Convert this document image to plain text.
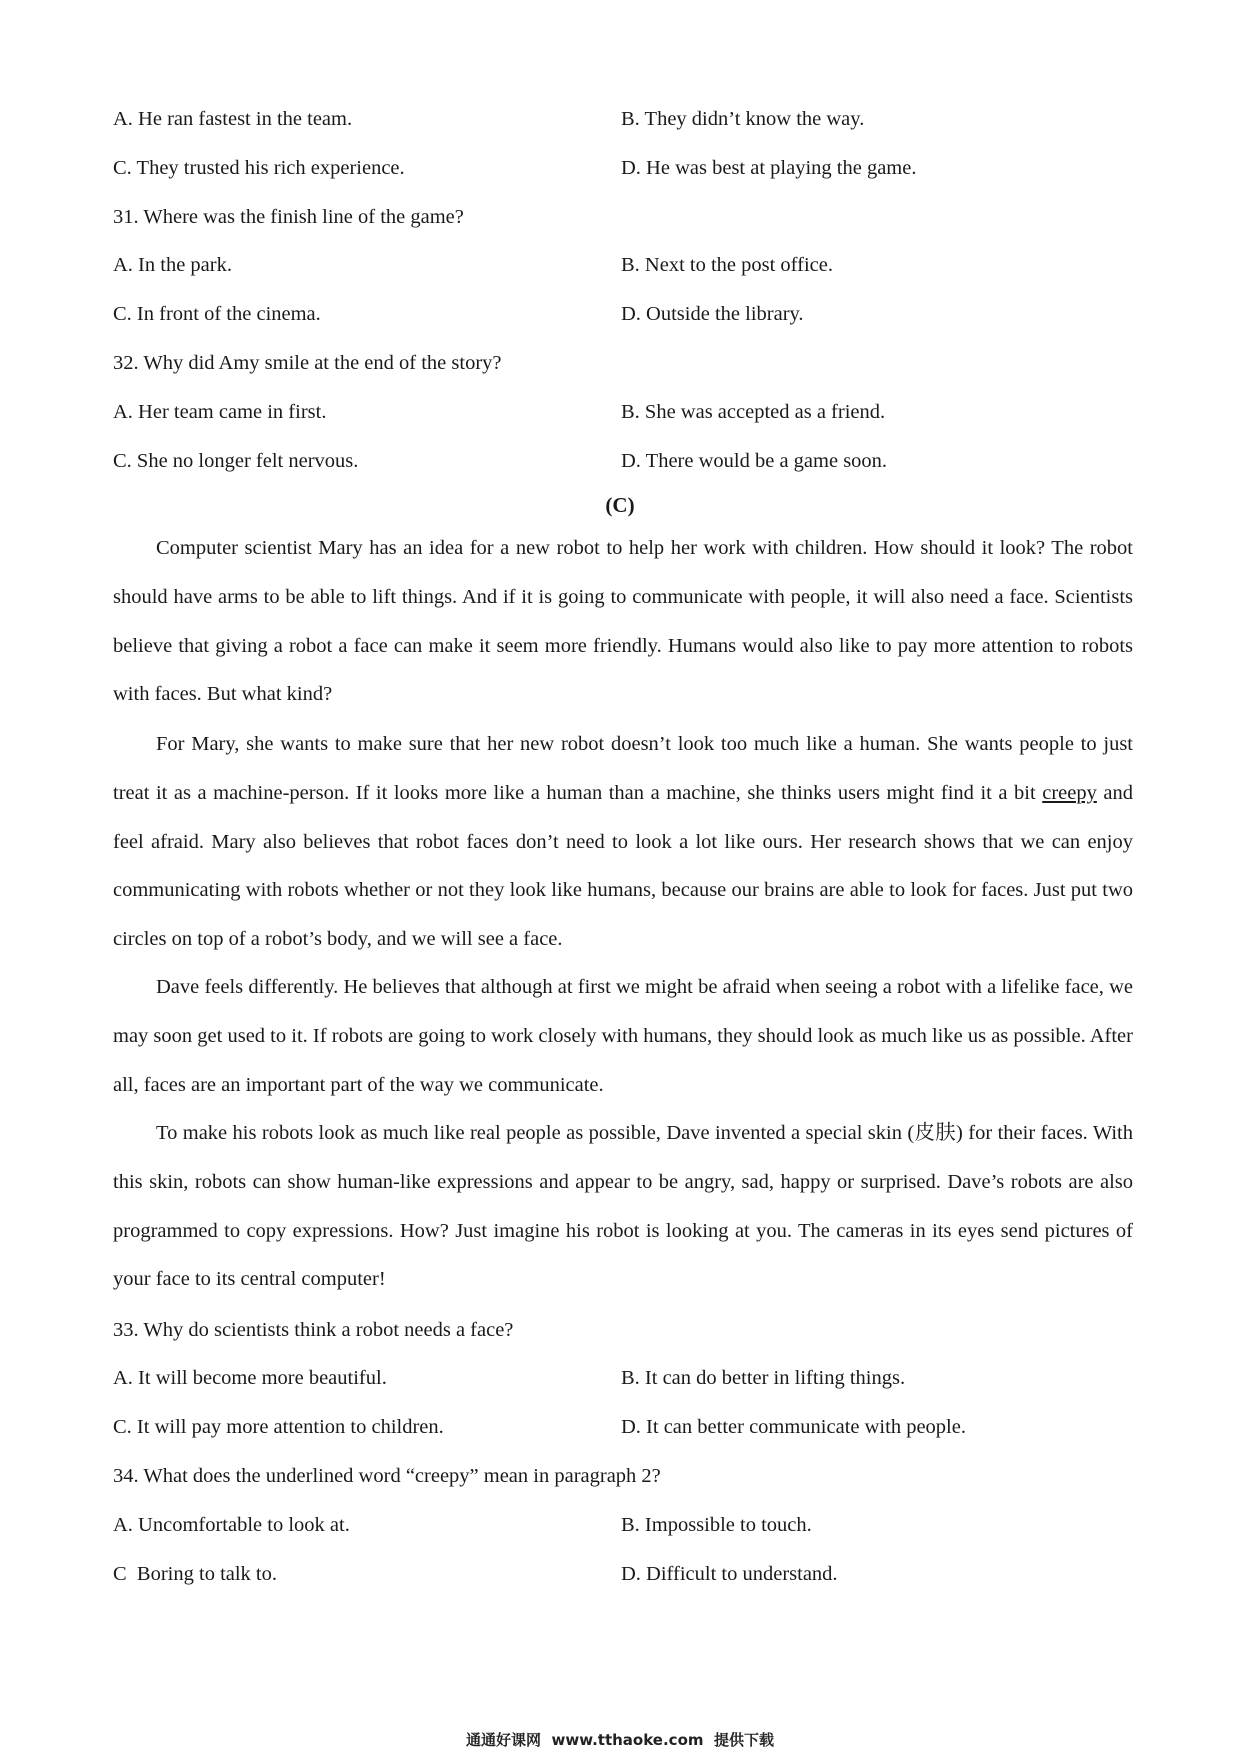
A. He ran fastest in the team.	B. They didn’t know the way.
C. They trusted his rich experience.	D. He was best at playing the game.
31. Where was the finish line of the game?
A. In the park.	B. Next to the post office.
C. In front of the cinema.	D. Outside the library.
32. Why did Amy smile at the end of the story?
A. Her team came in first.	B. She was accepted as a friend.
C. She no longer felt nervous.	D. There would be a game soon.
(C)

Computer scientist Mary has an idea for a new robot to help her work with children. How should it look? The robot should have arms to be able to lift things. And if it is going to communicate with people, it will also need a face. Scientists believe that giving a robot a face can make it seem more friendly. Humans would also like to pay more attention to robots with faces. But what kind?

For Mary, she wants to make sure that her new robot doesn’t look too much like a human. She wants people to just treat it as a machine-person. If it looks more like a human than a machine, she thinks users might find it a bit creepy and feel afraid. Mary also believes that robot faces don’t need to look a lot like ours. Her research shows that we can enjoy communicating with robots whether or not they look like humans, because our brains are able to look for faces. Just put two circles on top of a robot’s body, and we will see a face.

Dave feels differently. He believes that although at first we might be afraid when seeing a robot with a lifelike face, we may soon get used to it. If robots are going to work closely with humans, they should look as much like us as possible. After all, faces are an important part of the way we communicate.

To make his robots look as much like real people as possible, Dave invented a special skin (皮肤) for their faces. With this skin, robots can show human-like expressions and appear to be angry, sad, happy or surprised. Dave’s robots are also programmed to copy expressions. How? Just imagine his robot is looking at you. The cameras in its eyes send pictures of your face to its central computer!

33. Why do scientists think a robot needs a face?
A. It will become more beautiful.	B. It can do better in lifting things.
C. It will pay more attention to children.	D. It can better communicate with people.
34. What does the underlined word “creepy” mean in paragraph 2?
A. Uncomfortable to look at.	B. Impossible to touch.
C  Boring to talk to.	D. Difficult to understand.
通通好课网  www.tthaoke.com  提供下载
